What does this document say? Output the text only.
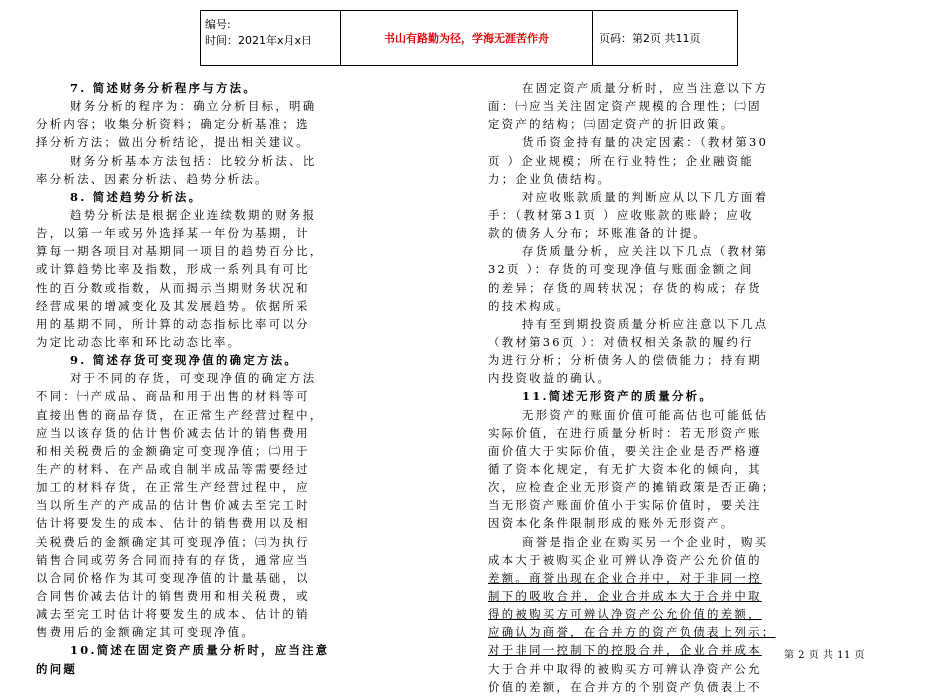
编号:
时间：2021年x月x日	书山有路勤为径，学海无涯苦作舟	页码：第2页 共11页
7. 简述财务分析程序与方法。
财务分析的程序为：确立分析目标，明确
分析内容；收集分析资料；确定分析基准；选
择分析方法；做出分析结论，提出相关建议。
财务分析基本方法包括：比较分析法、比
率分析法、因素分析法、趋势分析法。
8. 简述趋势分析法。
趋势分析法是根据企业连续数期的财务报
告，以第一年或另外选择某一年份为基期，计
算每一期各项目对基期同一项目的趋势百分比，
或计算趋势比率及指数，形成一系列具有可比
性的百分数或指数，从而揭示当期财务状况和
经营成果的增减变化及其发展趋势。依据所采
用的基期不同，所计算的动态指标比率可以分
为定比动态比率和环比动态比率。
9. 简述存货可变现净值的确定方法。
对于不同的存货，可变现净值的确定方法
不同：㈠产成品、商品和用于出售的材料等可
直接出售的商品存货，在正常生产经营过程中，
应当以该存货的估计售价减去估计的销售费用
和相关税费后的金额确定可变现净值；㈡用于
生产的材料、在产品或自制半成品等需要经过
加工的材料存货，在正常生产经营过程中，应
当以所生产的产成品的估计售价减去至完工时
估计将要发生的成本、估计的销售费用以及相
关税费后的金额确定其可变现净值；㈢为执行
销售合同或劳务合同而持有的存货，通常应当
以合同价格作为其可变现净值的计量基础，以
合同售价减去估计的销售费用和相关税费，或
减去至完工时估计将要发生的成本、估计的销
售费用后的金额确定其可变现净值。
10.简述在固定资产质量分析时，应当注意
的问题
在固定资产质量分析时，应当注意以下方
面：㈠应当关注固定资产规模的合理性；㈡固
定资产的结构；㈢固定资产的折旧政策。
货币资金持有量的决定因素：（教材第30
页 ）企业规模；所在行业特性；企业融资能
力；企业负债结构。
对应收账款质量的判断应从以下几方面着
手：（教材第31页 ）应收账款的账龄；应收
款的债务人分布；坏账准备的计提。
存货质量分析，应关注以下几点（教材第
32页 ）：存货的可变现净值与账面金额之间
的差异；存货的周转状况；存货的构成；存货
的技术构成。
持有至到期投资质量分析应注意以下几点
（教材第36页 ）：对债权相关条款的履约行
为进行分析；分析债务人的偿债能力；持有期
内投资收益的确认。
11.简述无形资产的质量分析。
无形资产的账面价值可能高估也可能低估
实际价值，在进行质量分析时：若无形资产账
面价值大于实际价值，要关注企业是否严格遵
循了资本化规定，有无扩大资本化的倾向，其
次，应检查企业无形资产的摊销政策是否正确；
当无形资产账面价值小于实际价值时，要关注
因资本化条件限制形成的账外无形资产。
商誉是指企业在购买另一个企业时，购买
成本大于被购买企业可辨认净资产公允价值的
差额。商誉出现在企业合并中，对于非同一控
制下的吸收合并，企业合并成本大于合并中取
得的被购买方可辨认净资产公允价值的差额，
应确认为商誉，在合并方的资产负债表上列示；
对于非同一控制下的控股合并，企业合并成本
大于合并中取得的被购买方可辨认净资产公允
价值的差额，在合并方的个别资产负债表上不
第 2 页 共 11 页
